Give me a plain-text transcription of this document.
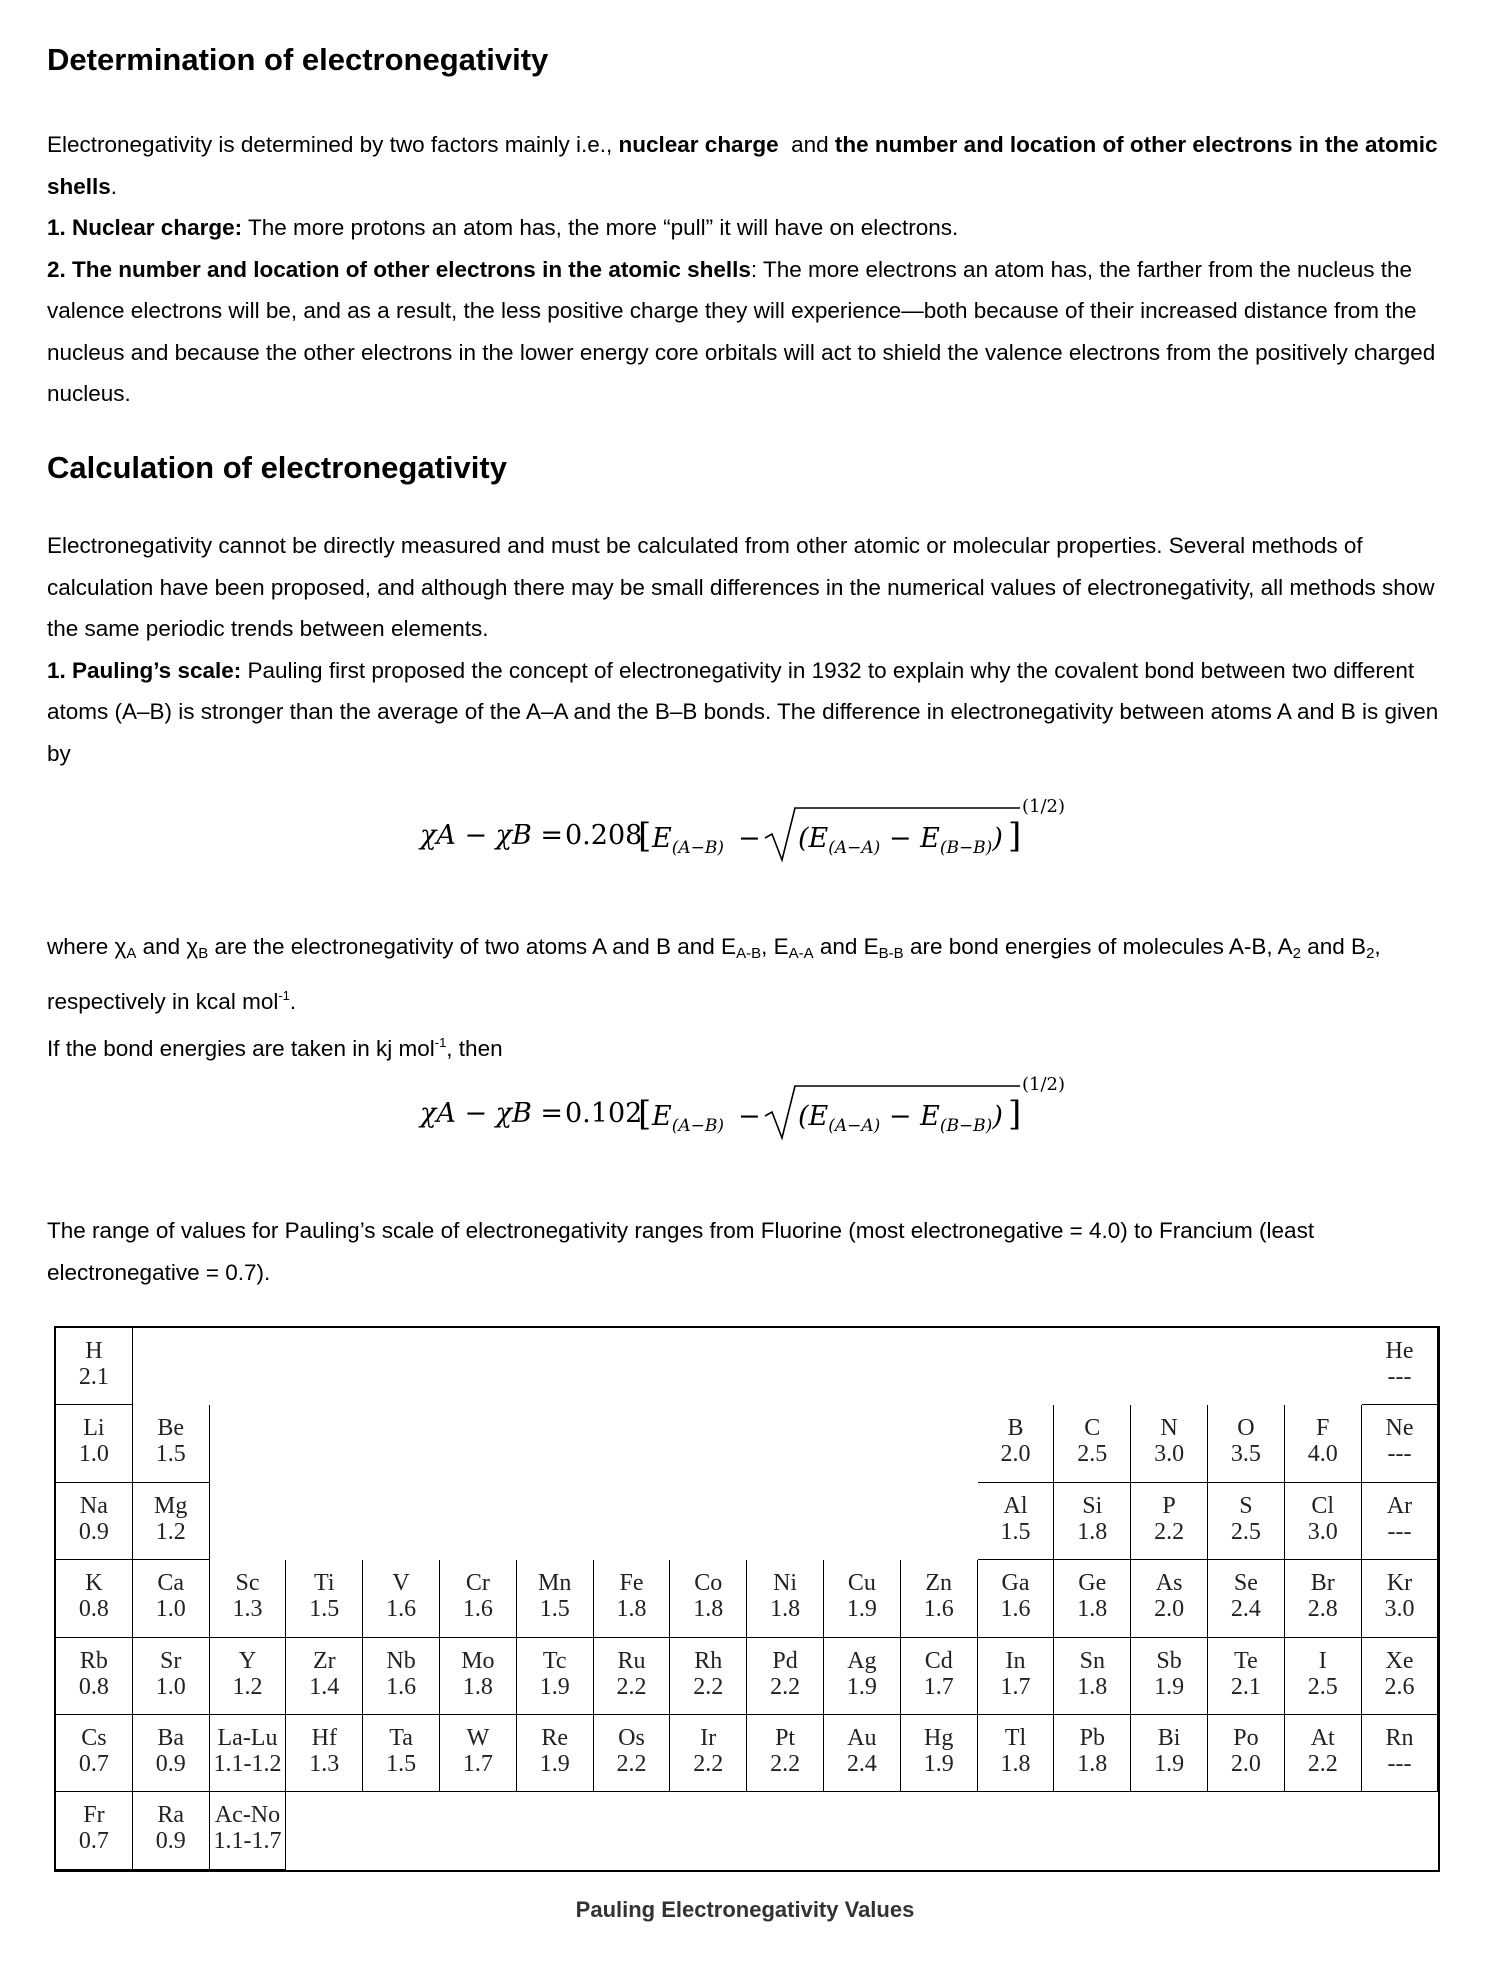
Determination of electronegativity

Electronegativity is determined by two factors mainly i.e., nuclear charge and the number and location of other electrons in the atomic shells.
1. Nuclear charge: The more protons an atom has, the more “pull” it will have on electrons.
2. The number and location of other electrons in the atomic shells: The more electrons an atom has, the farther from the nucleus the valence electrons will be, and as a result, the less positive charge they will experience—both because of their increased distance from the nucleus and because the other electrons in the lower energy core orbitals will act to shield the valence electrons from the positively charged nucleus.

Calculation of electronegativity

Electronegativity cannot be directly measured and must be calculated from other atomic or molecular properties. Several methods of calculation have been proposed, and although there may be small differences in the numerical values of electronegativity, all methods show the same periodic trends between elements.
1. Pauling’s scale: Pauling first proposed the concept of electronegativity in 1932 to explain why the covalent bond between two different atoms (A–B) is stronger than the average of the A–A and the B–B bonds. The difference in electronegativity between atoms A and B is given by

χA − χB = 0.208
[ $E_{(A-B)} - (E_{(A-A)} - E_{(B-B)})$ ]
(1/2)

where $\chi_A$ and $\chi_B$ are the electronegativity of two atoms A and B and $E_{A-B}$, $E_{A-A}$ and $E_{B-B}$ are bond energies of molecules A-B, $A_2$ and $B_2$, respectively in kcal mol$^{-1}$.
If the bond energies are taken in kj mol$^{-1}$, then

χA − χB = 0.102
[ $E_{(A-B)} - (E_{(A-A)} - E_{(B-B)})$ ]
(1/2)

The range of values for Pauling’s scale of electronegativity ranges from Fluorine (most electronegative = 4.0) to Francium (least electronegative = 0.7).

H
2.1
He
---
Li
1.0
Be
1.5
B
2.0
C
2.5
N
3.0
O
3.5
F
4.0
Ne
---
Na
0.9
Mg
1.2
Al
1.5
Si
1.8
P
2.2
S
2.5
Cl
3.0
Ar
---
K
0.8
Ca
1.0
Sc
1.3
Ti
1.5
V
1.6
Cr
1.6
Mn
1.5
Fe
1.8
Co
1.8
Ni
1.8
Cu
1.9
Zn
1.6
Ga
1.6
Ge
1.8
As
2.0
Se
2.4
Br
2.8
Kr
3.0
Rb
0.8
Sr
1.0
Y
1.2
Zr
1.4
Nb
1.6
Mo
1.8
Tc
1.9
Ru
2.2
Rh
2.2
Pd
2.2
Ag
1.9
Cd
1.7
In
1.7
Sn
1.8
Sb
1.9
Te
2.1
I
2.5
Xe
2.6
Cs
0.7
Ba
0.9
La-Lu
1.1-1.2
Hf
1.3
Ta
1.5
W
1.7
Re
1.9
Os
2.2
Ir
2.2
Pt
2.2
Au
2.4
Hg
1.9
Tl
1.8
Pb
1.8
Bi
1.9
Po
2.0
At
2.2
Rn
---
Fr
0.7
Ra
0.9
Ac-No
1.1-1.7
Pauling Electronegativity Values
